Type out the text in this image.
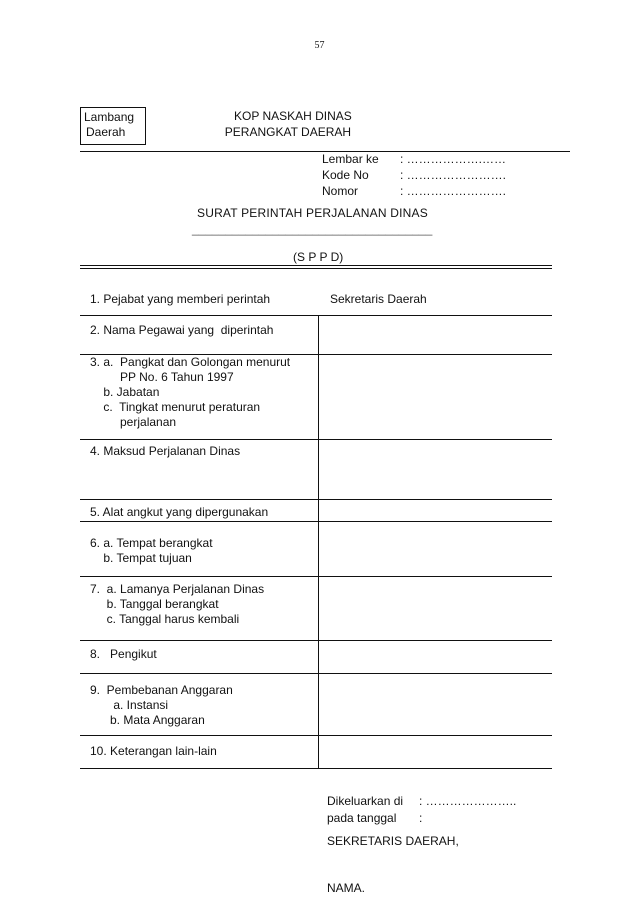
57
Lambang
Daerah
KOP NASKAH DINAS
PERANGKAT DAERAH
Lembar ke : ……………….……
Kode No	: …………………….
Nomor	: …………………….
SURAT PERINTAH PERJALANAN DINAS
____________________________________
(S P P D)
1. Pejabat yang memberi perintah	Sekretaris Daerah
2. Nama Pegawai yang  diperintah
3. a.  Pangkat dan Golongan menurut
PP No. 6 Tahun 1997
b. Jabatan
c.  Tingkat menurut peraturan
perjalanan
4. Maksud Perjalanan Dinas
5. Alat angkut yang dipergunakan
6. a. Tempat berangkat
b. Tempat tujuan
7.  a. Lamanya Perjalanan Dinas
b. Tanggal berangkat
c. Tanggal harus kembali
8.   Pengikut
9.  Pembebanan Anggaran
a. Instansi
b. Mata Anggaran
10. Keterangan lain-lain
Dikeluarkan di : …………………..
pada tanggal :
SEKRETARIS DAERAH,
NAMA.
